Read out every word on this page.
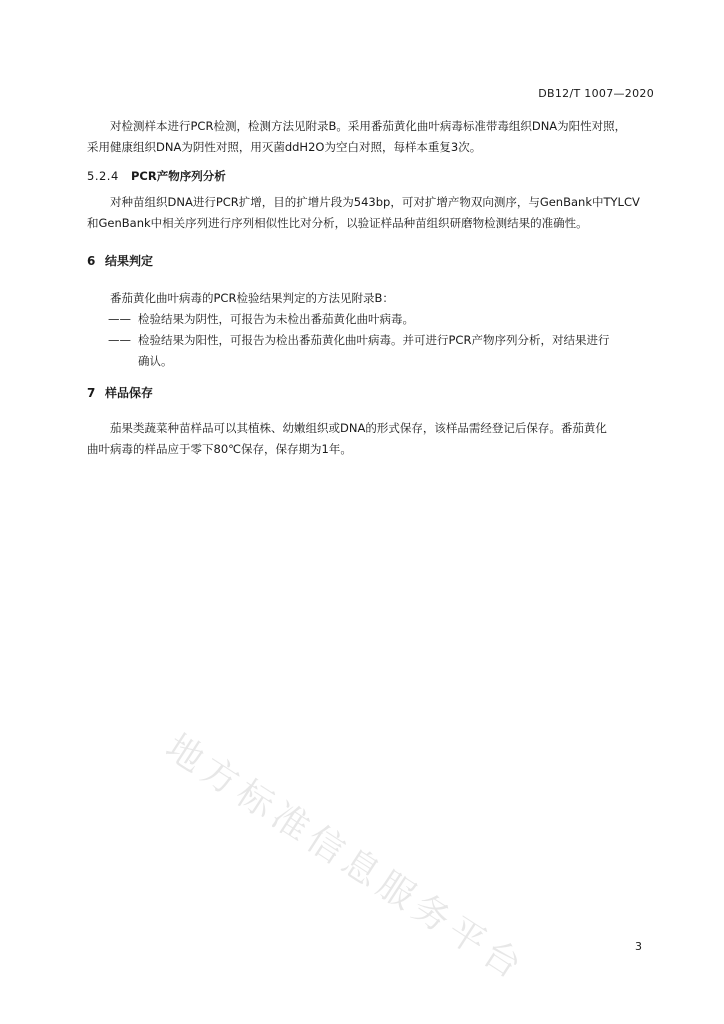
DB12/T 1007—2020
对检测样本进行PCR检测，检测方法见附录B。采用番茄黄化曲叶病毒标准带毒组织DNA为阳性对照，
采用健康组织DNA为阴性对照，用灭菌ddH2O为空白对照，每样本重复3次。
5.2.4 PCR产物序列分析
对种苗组织DNA进行PCR扩增，目的扩增片段为543bp，可对扩增产物双向测序，与GenBank中TYLCV
和GenBank中相关序列进行序列相似性比对分析，以验证样品种苗组织研磨物检测结果的准确性。
6 结果判定
番茄黄化曲叶病毒的PCR检验结果判定的方法见附录B：
—— 检验结果为阴性，可报告为未检出番茄黄化曲叶病毒。
—— 检验结果为阳性，可报告为检出番茄黄化曲叶病毒。并可进行PCR产物序列分析，对结果进行
确认。
7 样品保存
茄果类蔬菜种苗样品可以其植株、幼嫩组织或DNA的形式保存，该样品需经登记后保存。番茄黄化
曲叶病毒的样品应于零下80℃保存，保存期为1年。
地方标准信息服务平台	3
